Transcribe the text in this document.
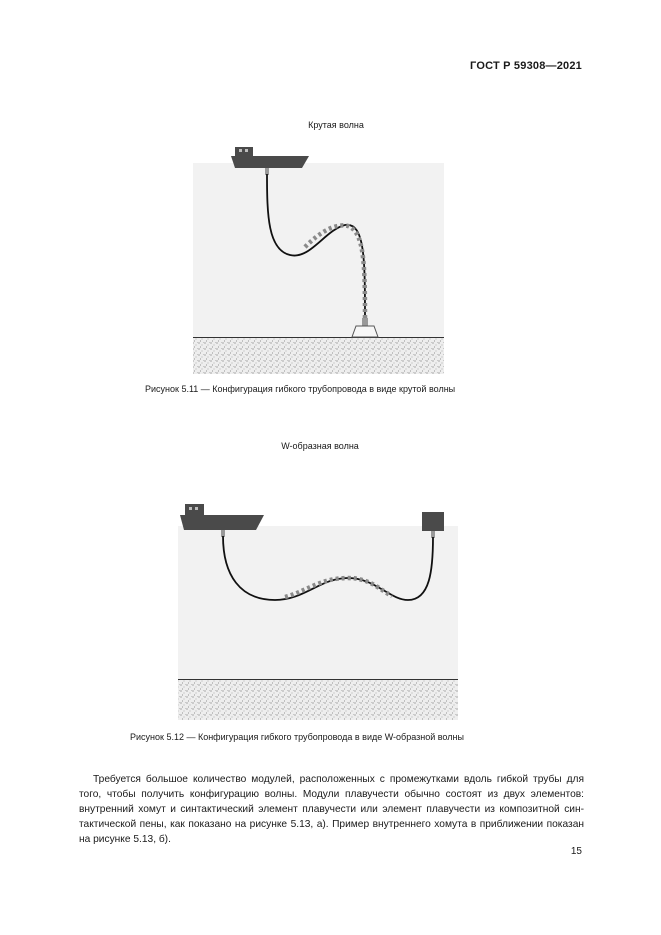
ГОСТ Р 59308—2021
Крутая волна
Рисунок 5.11 — Конфигурация гибкого трубопровода в виде крутой волны
W-образная волна
Рисунок 5.12 — Конфигурация гибкого трубопровода в виде W-образной волны
Требуется большое количество модулей, расположенных с промежутками вдоль гибкой трубы для
того, чтобы получить конфигурацию волны. Модули плавучести обычно состоят из двух элементов:
внутренний хомут и синтактический элемент плавучести или элемент плавучести из композитной син-
тактической пены, как показано на рисунке 5.13, а). Пример внутреннего хомута в приближении показан
на рисунке 5.13, б).
15
